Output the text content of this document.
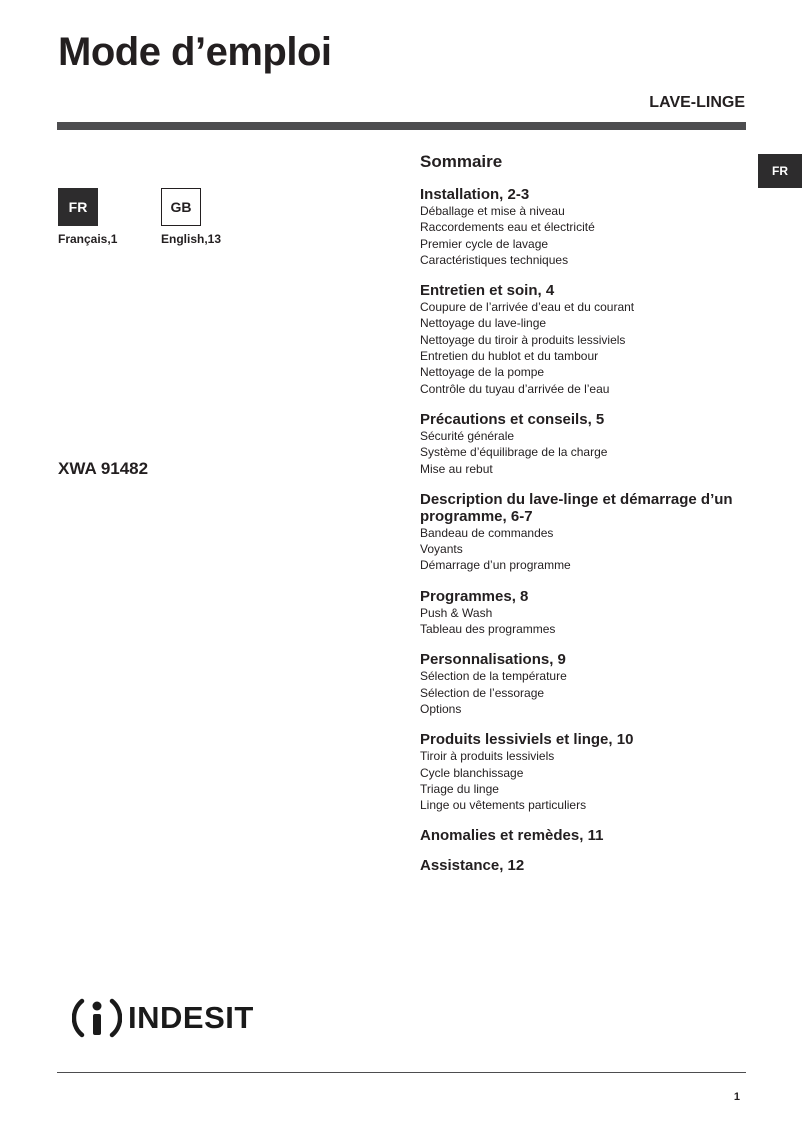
Mode d’emploi
LAVE-LINGE
FR
FR
Français,1
GB
English,13
XWA 91482
Sommaire
Installation, 2-3
Déballage et mise à niveau
Raccordements eau et électricité
Premier cycle de lavage
Caractéristiques techniques
Entretien et soin, 4
Coupure de l’arrivée d’eau et du courant
Nettoyage du lave-linge
Nettoyage du tiroir à produits lessiviels
Entretien du hublot et du tambour
Nettoyage de la pompe
Contrôle du tuyau d’arrivée de l’eau
Précautions et conseils, 5
Sécurité générale
Système d’équilibrage de la charge
Mise au rebut
Description du lave-linge et démarrage d’un programme, 6-7
Bandeau de commandes
Voyants
Démarrage d’un programme
Programmes, 8
Push & Wash
Tableau des programmes
Personnalisations, 9
Sélection de la température
Sélection de l’essorage
Options
Produits lessiviels et linge, 10
Tiroir à produits lessiviels
Cycle blanchissage
Triage du linge
Linge ou vêtements particuliers
Anomalies et remèdes, 11
Assistance, 12
INDESIT
1
